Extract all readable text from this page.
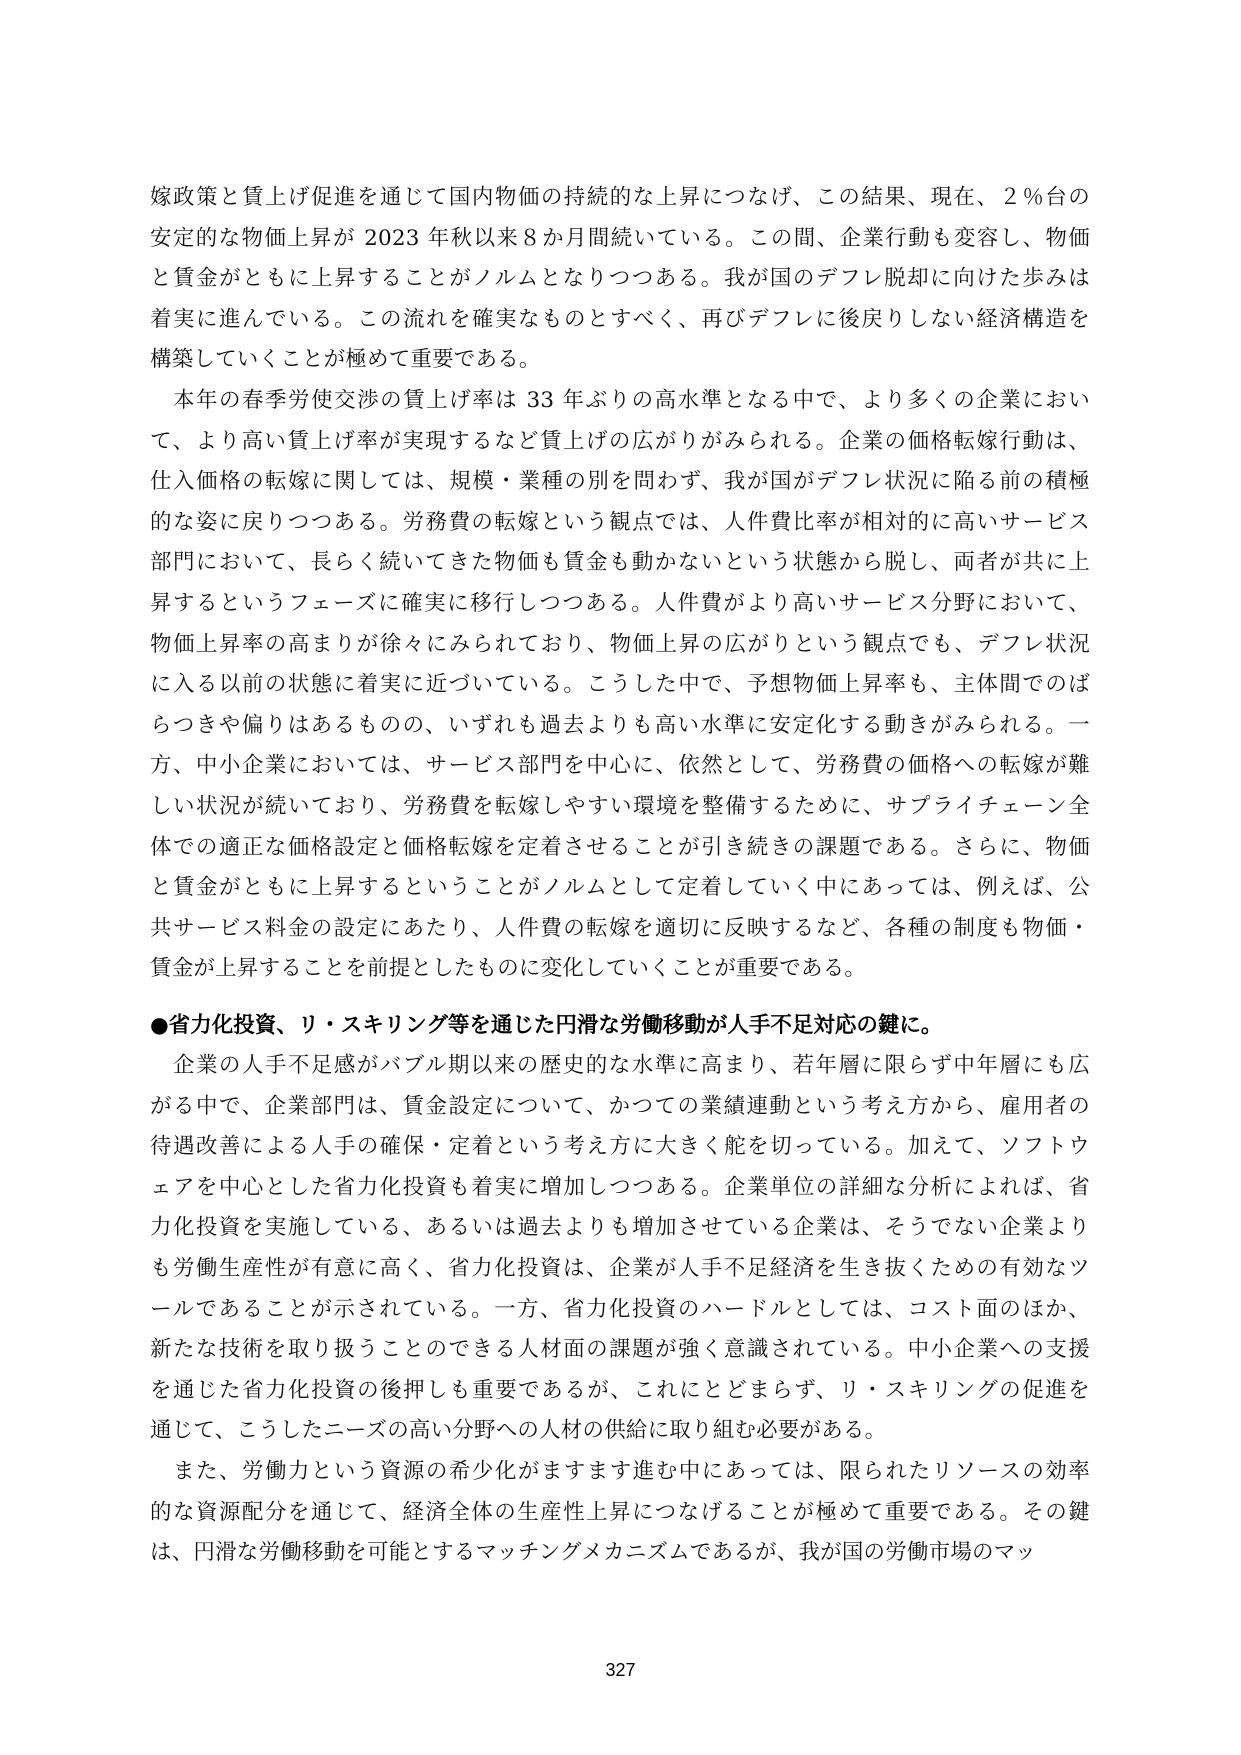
嫁政策と賃上げ促進を通じて国内物価の持続的な上昇につなげ、この結果、現在、２％台の
安定的な物価上昇が 2023 年秋以来８か月間続いている。この間、企業行動も変容し、物価
と賃金がともに上昇することがノルムとなりつつある。我が国のデフレ脱却に向けた歩みは
着実に進んでいる。この流れを確実なものとすべく、再びデフレに後戻りしない経済構造を
構築していくことが極めて重要である。
　本年の春季労使交渉の賃上げ率は 33 年ぶりの高水準となる中で、より多くの企業におい
て、より高い賃上げ率が実現するなど賃上げの広がりがみられる。企業の価格転嫁行動は、
仕入価格の転嫁に関しては、規模・業種の別を問わず、我が国がデフレ状況に陥る前の積極
的な姿に戻りつつある。労務費の転嫁という観点では、人件費比率が相対的に高いサービス
部門において、長らく続いてきた物価も賃金も動かないという状態から脱し、両者が共に上
昇するというフェーズに確実に移行しつつある。人件費がより高いサービス分野において、
物価上昇率の高まりが徐々にみられており、物価上昇の広がりという観点でも、デフレ状況
に入る以前の状態に着実に近づいている。こうした中で、予想物価上昇率も、主体間でのば
らつきや偏りはあるものの、いずれも過去よりも高い水準に安定化する動きがみられる。一
方、中小企業においては、サービス部門を中心に、依然として、労務費の価格への転嫁が難
しい状況が続いており、労務費を転嫁しやすい環境を整備するために、サプライチェーン全
体での適正な価格設定と価格転嫁を定着させることが引き続きの課題である。さらに、物価
と賃金がともに上昇するということがノルムとして定着していく中にあっては、例えば、公
共サービス料金の設定にあたり、人件費の転嫁を適切に反映するなど、各種の制度も物価・
賃金が上昇することを前提としたものに変化していくことが重要である。
●省力化投資、リ・スキリング等を通じた円滑な労働移動が人手不足対応の鍵に。
　企業の人手不足感がバブル期以来の歴史的な水準に高まり、若年層に限らず中年層にも広
がる中で、企業部門は、賃金設定について、かつての業績連動という考え方から、雇用者の
待遇改善による人手の確保・定着という考え方に大きく舵を切っている。加えて、ソフトウ
ェアを中心とした省力化投資も着実に増加しつつある。企業単位の詳細な分析によれば、省
力化投資を実施している、あるいは過去よりも増加させている企業は、そうでない企業より
も労働生産性が有意に高く、省力化投資は、企業が人手不足経済を生き抜くための有効なツ
ールであることが示されている。一方、省力化投資のハードルとしては、コスト面のほか、
新たな技術を取り扱うことのできる人材面の課題が強く意識されている。中小企業への支援
を通じた省力化投資の後押しも重要であるが、これにとどまらず、リ・スキリングの促進を
通じて、こうしたニーズの高い分野への人材の供給に取り組む必要がある。
　また、労働力という資源の希少化がますます進む中にあっては、限られたリソースの効率
的な資源配分を通じて、経済全体の生産性上昇につなげることが極めて重要である。その鍵
は、円滑な労働移動を可能とするマッチングメカニズムであるが、我が国の労働市場のマッ
327
